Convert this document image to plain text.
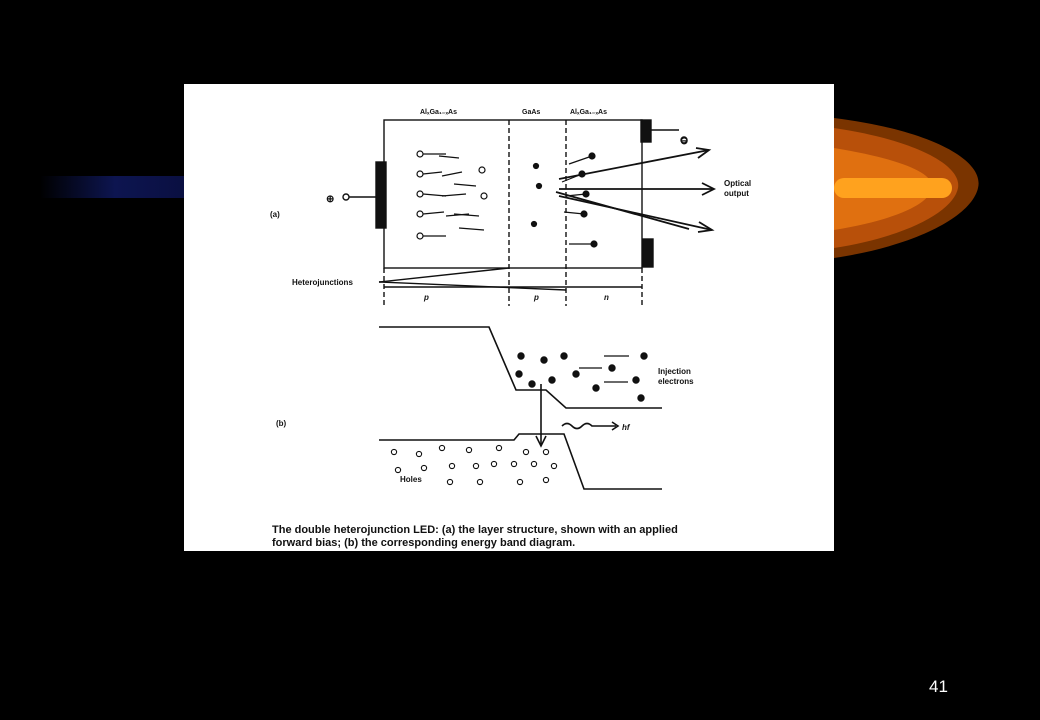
(a)
AlₓGa₁₋ₓAs	GaAs	AlₓGa₁₋ₓAs
⊕
⊖
Optical
output
Heterojunctions
p	p	n
(b)
Injection
electrons
Holes
hf
The double heterojunction LED: (a) the layer structure, shown with an applied
forward bias; (b) the corresponding energy band diagram.
41
